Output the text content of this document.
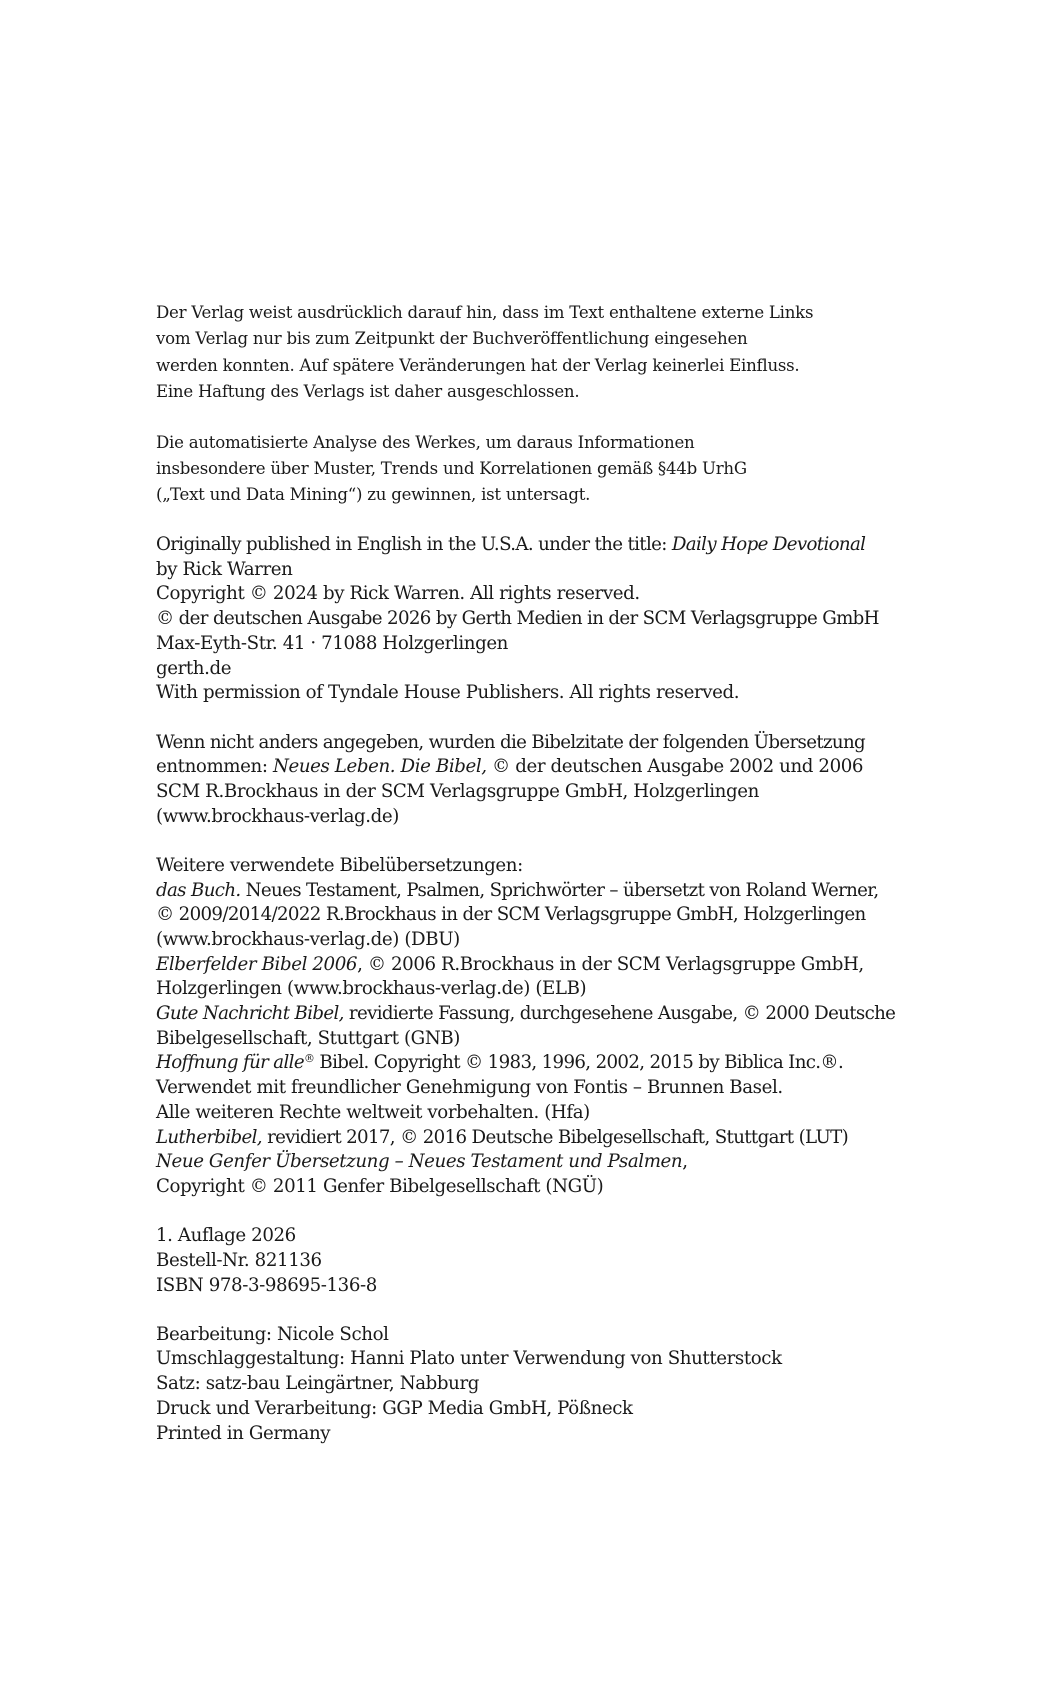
Der Verlag weist ausdrücklich darauf hin, dass im Text enthaltene externe Links
vom Verlag nur bis zum Zeitpunkt der Buchveröffentlichung eingesehen
werden konnten. Auf spätere Veränderungen hat der Verlag keinerlei Einfluss.
Eine Haftung des Verlags ist daher ausgeschlossen.
Die automatisierte Analyse des Werkes, um daraus Informationen
insbesondere über Muster, Trends und Korrelationen gemäß §44b UrhG
(„Text und Data Mining“) zu gewinnen, ist untersagt.
Originally published in English in the U.S.A. under the title: Daily Hope Devotional
by Rick Warren
Copyright © 2024 by Rick Warren. All rights reserved.
© der deutschen Ausgabe 2026 by Gerth Medien in der SCM Verlagsgruppe GmbH
Max-Eyth-Str. 41 · 71088 Holzgerlingen
gerth.de
With permission of Tyndale House Publishers. All rights reserved.
Wenn nicht anders angegeben, wurden die Bibelzitate der folgenden Übersetzung
entnommen: Neues Leben. Die Bibel, © der deutschen Ausgabe 2002 und 2006
SCM R.Brockhaus in der SCM Verlagsgruppe GmbH, Holzgerlingen
(www.brockhaus-verlag.de)
Weitere verwendete Bibelübersetzungen:
das Buch. Neues Testament, Psalmen, Sprichwörter – übersetzt von Roland Werner,
© 2009/2014/2022 R.Brockhaus in der SCM Verlagsgruppe GmbH, Holzgerlingen
(www.brockhaus-verlag.de) (DBU)
Elberfelder Bibel 2006, © 2006 R.Brockhaus in der SCM Verlagsgruppe GmbH,
Holzgerlingen (www.brockhaus-verlag.de) (ELB)
Gute Nachricht Bibel, revidierte Fassung, durchgesehene Ausgabe, © 2000 Deutsche
Bibelgesellschaft, Stuttgart (GNB)
Hoffnung für alle® Bibel. Copyright © 1983, 1996, 2002, 2015 by Biblica Inc.®.
Verwendet mit freundlicher Genehmigung von Fontis – Brunnen Basel.
Alle weiteren Rechte weltweit vorbehalten. (Hfa)
Lutherbibel, revidiert 2017, © 2016 Deutsche Bibelgesellschaft, Stuttgart (LUT)
Neue Genfer Übersetzung – Neues Testament und Psalmen,
Copyright © 2011 Genfer Bibelgesellschaft (NGÜ)
1. Auflage 2026
Bestell-Nr. 821136
ISBN 978-3-98695-136-8
Bearbeitung: Nicole Schol
Umschlaggestaltung: Hanni Plato unter Verwendung von Shutterstock
Satz: satz-bau Leingärtner, Nabburg
Druck und Verarbeitung: GGP Media GmbH, Pößneck
Printed in Germany
